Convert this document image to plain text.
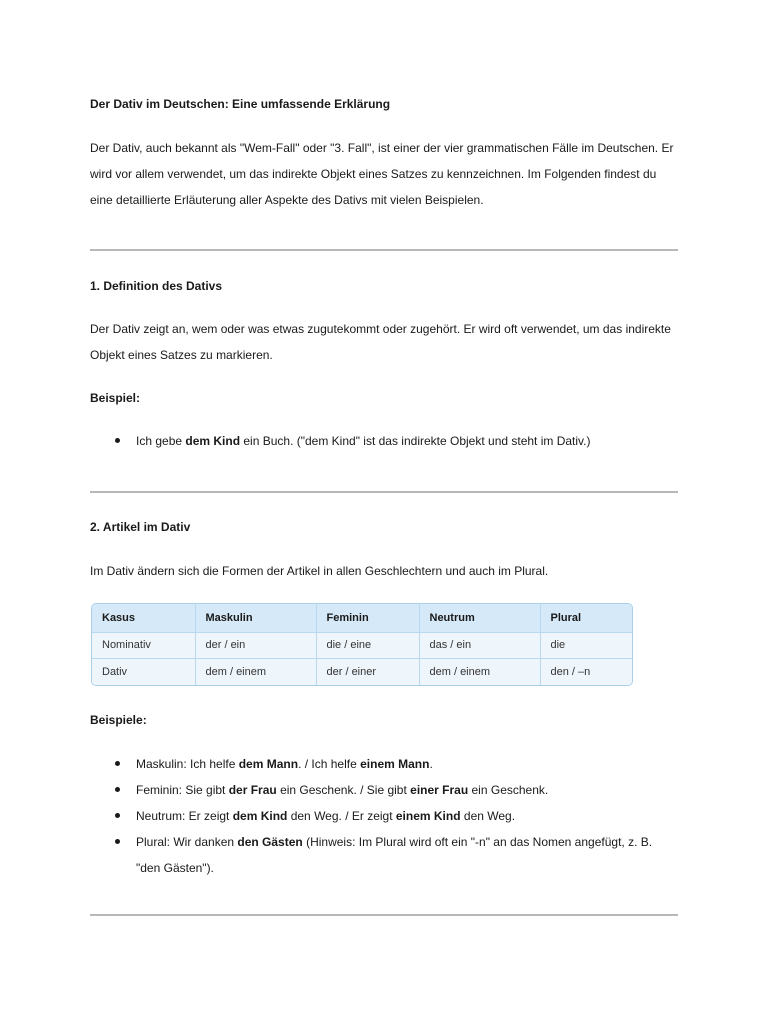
Der Dativ im Deutschen: Eine umfassende Erklärung
Der Dativ, auch bekannt als "Wem-Fall" oder "3. Fall", ist einer der vier grammatischen Fälle im Deutschen. Er wird vor allem verwendet, um das indirekte Objekt eines Satzes zu kennzeichnen. Im Folgenden findest du eine detaillierte Erläuterung aller Aspekte des Dativs mit vielen Beispielen.
1. Definition des Dativs
Der Dativ zeigt an, wem oder was etwas zugutekommt oder zugehört. Er wird oft verwendet, um das indirekte Objekt eines Satzes zu markieren.
Beispiel:
Ich gebe dem Kind ein Buch. ("dem Kind" ist das indirekte Objekt und steht im Dativ.)
2. Artikel im Dativ
Im Dativ ändern sich die Formen der Artikel in allen Geschlechtern und auch im Plural.
Kasus	Maskulin	Feminin	Neutrum	Plural
Nominativ	der / ein	die / eine	das / ein	die
Dativ	dem / einem	der / einer	dem / einem	den / –n
Beispiele:
Maskulin: Ich helfe dem Mann. / Ich helfe einem Mann.
Feminin: Sie gibt der Frau ein Geschenk. / Sie gibt einer Frau ein Geschenk.
Neutrum: Er zeigt dem Kind den Weg. / Er zeigt einem Kind den Weg.
Plural: Wir danken den Gästen (Hinweis: Im Plural wird oft ein "-n" an das Nomen angefügt, z. B. "den Gästen").
